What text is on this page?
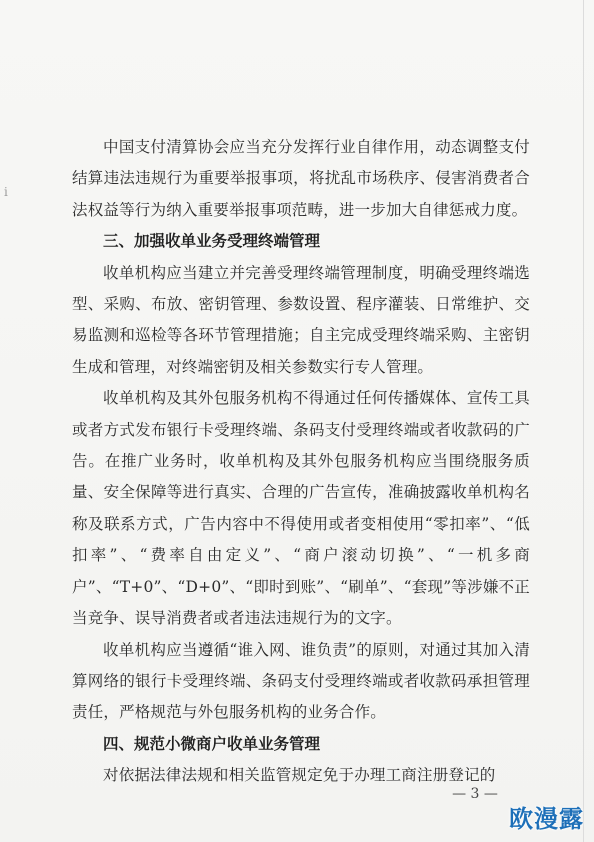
ⅰ

中国支付清算协会应当充分发挥行业自律作用，动态调整支付结算违法违规行为重要举报事项，将扰乱市场秩序、侵害消费者合法权益等行为纳入重要举报事项范畴，进一步加大自律惩戒力度。

三、加强收单业务受理终端管理

收单机构应当建立并完善受理终端管理制度，明确受理终端选型、采购、布放、密钥管理、参数设置、程序灌装、日常维护、交易监测和巡检等各环节管理措施；自主完成受理终端采购、主密钥生成和管理，对终端密钥及相关参数实行专人管理。

收单机构及其外包服务机构不得通过任何传播媒体、宣传工具或者方式发布银行卡受理终端、条码支付受理终端或者收款码的广告。在推广业务时，收单机构及其外包服务机构应当围绕服务质量、安全保障等进行真实、合理的广告宣传，准确披露收单机构名称及联系方式，广告内容中不得使用或者变相使用“零扣率”、“低扣率”、“费率自由定义”、“商户滚动切换”、“一机多商户”、“T+0”、“D+0”、“即时到账”、“刷单”、“套现”等涉嫌不正当竞争、误导消费者或者违法违规行为的文字。

收单机构应当遵循“谁入网、谁负责”的原则，对通过其加入清算网络的银行卡受理终端、条码支付受理终端或者收款码承担管理责任，严格规范与外包服务机构的业务合作。

四、规范小微商户收单业务管理

对依据法律法规和相关监管规定免于办理工商注册登记的

— 3 —
欧漫露
